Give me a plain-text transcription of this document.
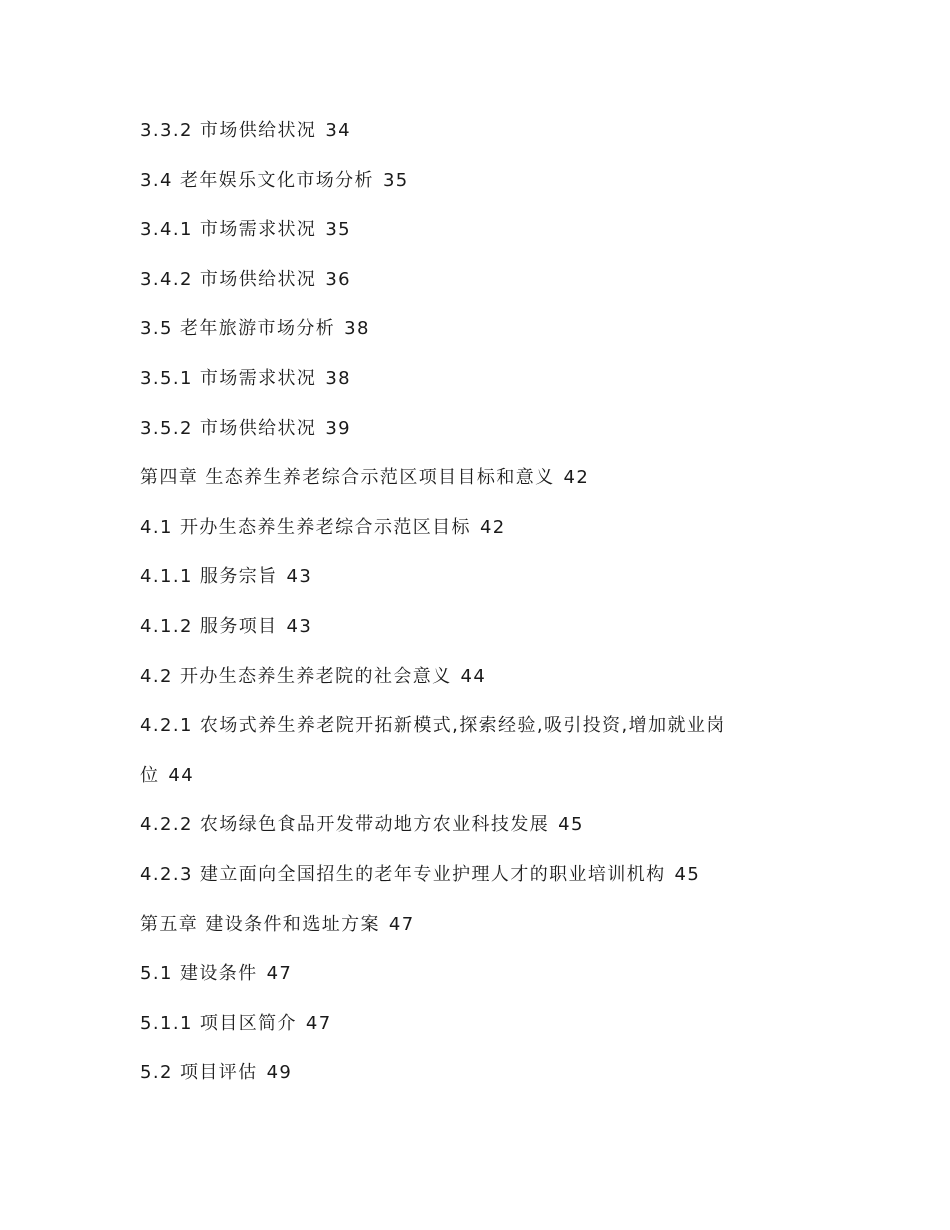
3.3.2 市场供给状况 34
3.4 老年娱乐文化市场分析 35
3.4.1 市场需求状况 35
3.4.2 市场供给状况 36
3.5 老年旅游市场分析 38
3.5.1 市场需求状况 38
3.5.2 市场供给状况 39
第四章 生态养生养老综合示范区项目目标和意义 42
4.1 开办生态养生养老综合示范区目标 42
4.1.1 服务宗旨 43
4.1.2 服务项目 43
4.2 开办生态养生养老院的社会意义 44
4.2.1 农场式养生养老院开拓新模式,探索经验,吸引投资,增加就业岗
位 44
4.2.2 农场绿色食品开发带动地方农业科技发展 45
4.2.3 建立面向全国招生的老年专业护理人才的职业培训机构 45
第五章 建设条件和选址方案 47
5.1 建设条件 47
5.1.1 项目区简介 47
5.2 项目评估 49
